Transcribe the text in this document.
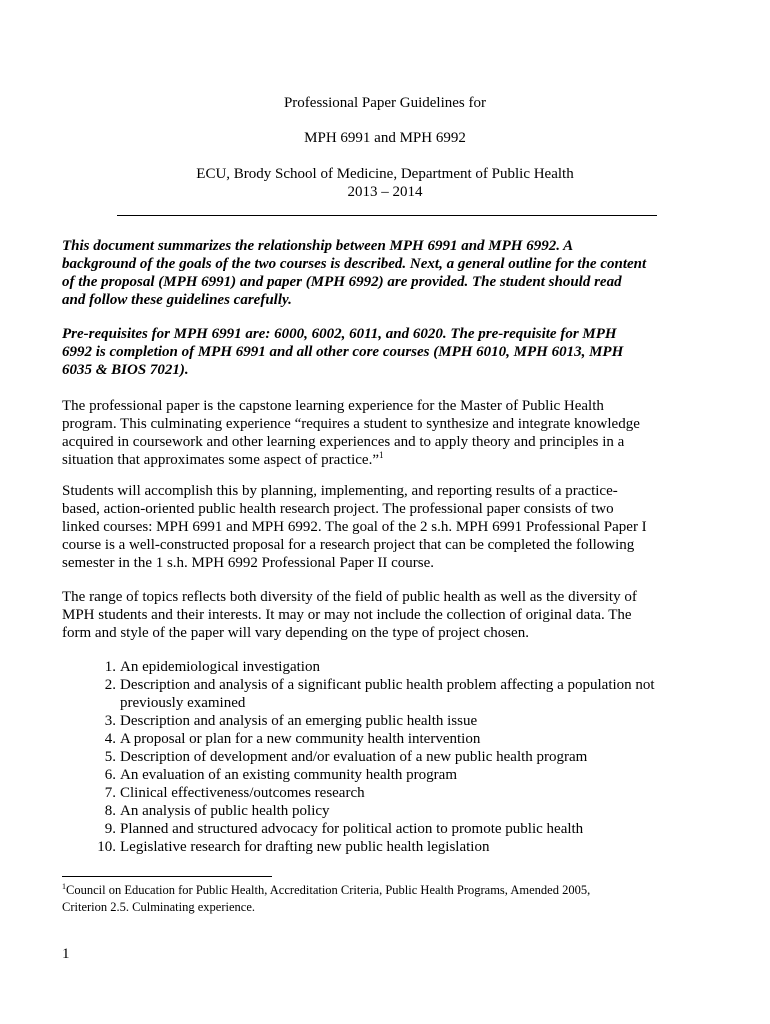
Professional Paper Guidelines for
MPH 6991 and MPH 6992
ECU, Brody School of Medicine, Department of Public Health
2013 – 2014

This document summarizes the relationship between MPH 6991 and MPH 6992. A
background of the goals of the two courses is described. Next, a general outline for the content
of the proposal (MPH 6991) and paper (MPH 6992) are provided. The student should read
and follow these guidelines carefully.

Pre-requisites for MPH 6991 are: 6000, 6002, 6011, and 6020. The pre-requisite for MPH
6992 is completion of MPH 6991 and all other core courses (MPH 6010, MPH 6013, MPH
6035 & BIOS 7021).

The professional paper is the capstone learning experience for the Master of Public Health
program. This culminating experience “requires a student to synthesize and integrate knowledge
acquired in coursework and other learning experiences and to apply theory and principles in a
situation that approximates some aspect of practice.”$^1$

Students will accomplish this by planning, implementing, and reporting results of a practice-
based, action-oriented public health research project. The professional paper consists of two
linked courses: MPH 6991 and MPH 6992. The goal of the 2 s.h. MPH 6991 Professional Paper I
course is a well-constructed proposal for a research project that can be completed the following
semester in the 1 s.h. MPH 6992 Professional Paper II course.

The range of topics reflects both diversity of the field of public health as well as the diversity of
MPH students and their interests. It may or may not include the collection of original data. The
form and style of the paper will vary depending on the type of project chosen.

1. An epidemiological investigation
2. Description and analysis of a significant public health problem affecting a population not
previously examined
3. Description and analysis of an emerging public health issue
4. A proposal or plan for a new community health intervention
5. Description of development and/or evaluation of a new public health program
6. An evaluation of an existing community health program
7. Clinical effectiveness/outcomes research
8. An analysis of public health policy
9. Planned and structured advocacy for political action to promote public health
10. Legislative research for drafting new public health legislation

$^1$Council on Education for Public Health, Accreditation Criteria, Public Health Programs, Amended 2005,
Criterion 2.5. Culminating experience.

1
